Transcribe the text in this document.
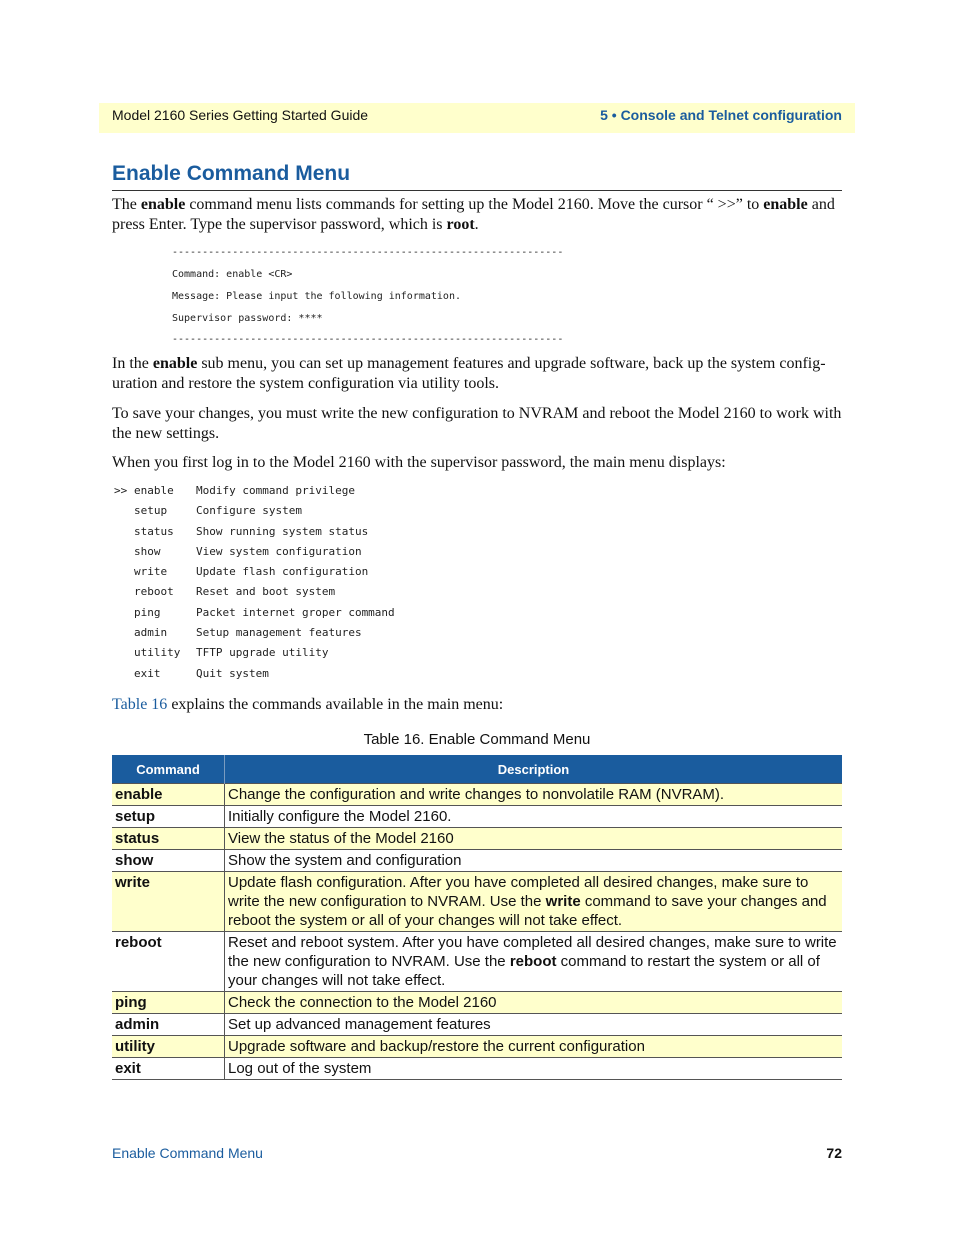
Model 2160 Series Getting Started Guide	5 • Console and Telnet configuration
Enable Command Menu

The enable command menu lists commands for setting up the Model 2160. Move the cursor “ >>” to enable and press Enter. Type the supervisor password, which is root.

-----------------------------------------------------------------
Command: enable <CR>
Message: Please input the following information.
Supervisor password: ****
-----------------------------------------------------------------

In the enable sub menu, you can set up management features and upgrade software, back up the system config-uration and restore the system configuration via utility tools.

To save your changes, you must write the new configuration to NVRAM and reboot the Model 2160 to work with the new settings.

When you first log in to the Model 2160 with the supervisor password, the main menu displays:

>> enable Modify command privilege
setup	Configure system
status Show running system status
show	View system configuration
write	Update flash configuration
reboot Reset and boot system
ping	Packet internet groper command
admin	Setup management features
utility TFTP upgrade utility
exit	Quit system

Table 16 explains the commands available in the main menu:

Table 16. Enable Command Menu
Command	Description
enable	Change the configuration and write changes to nonvolatile RAM (NVRAM).
setup	Initially configure the Model 2160.
status	View the status of the Model 2160
show	Show the system and configuration
write	Update flash configuration. After you have completed all desired changes, make sure to write the new configuration to NVRAM. Use the write command to save your changes and reboot the system or all of your changes will not take effect.
reboot	Reset and reboot system. After you have completed all desired changes, make sure to write the new configuration to NVRAM. Use the reboot command to restart the system or all of your changes will not take effect.
ping	Check the connection to the Model 2160
admin	Set up advanced management features
utility	Upgrade software and backup/restore the current configuration
exit	Log out of the system
Enable Command Menu	72
